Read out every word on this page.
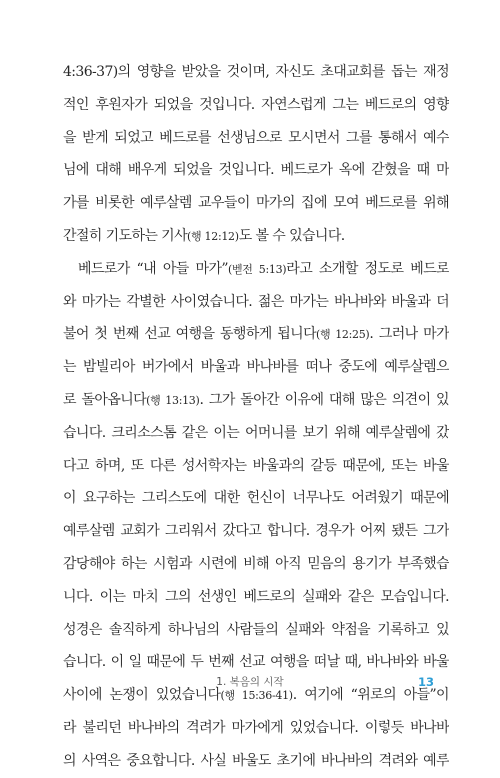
4:36-37)의 영향을 받았을 것이며, 자신도 초대교회를 돕는 재정
적인 후원자가 되었을 것입니다. 자연스럽게 그는 베드로의 영향
을 받게 되었고 베드로를 선생님으로 모시면서 그를 통해서 예수
님에 대해 배우게 되었을 것입니다. 베드로가 옥에 갇혔을 때 마
가를 비롯한 예루살렘 교우들이 마가의 집에 모여 베드로를 위해
간절히 기도하는 기사(행 12:12)도 볼 수 있습니다.
베드로가 “내 아들 마가”(벧전 5:13)라고 소개할 정도로 베드로
와 마가는 각별한 사이였습니다. 젊은 마가는 바나바와 바울과 더
불어 첫 번째 선교 여행을 동행하게 됩니다(행 12:25). 그러나 마가
는 밤빌리아 버가에서 바울과 바나바를 떠나 중도에 예루살렘으
로 돌아옵니다(행 13:13). 그가 돌아간 이유에 대해 많은 의견이 있
습니다. 크리소스톰 같은 이는 어머니를 보기 위해 예루살렘에 갔
다고 하며, 또 다른 성서학자는 바울과의 갈등 때문에, 또는 바울
이 요구하는 그리스도에 대한 헌신이 너무나도 어려웠기 때문에
예루살렘 교회가 그리워서 갔다고 합니다. 경우가 어찌 됐든 그가
감당해야 하는 시험과 시련에 비해 아직 믿음의 용기가 부족했습
니다. 이는 마치 그의 선생인 베드로의 실패와 같은 모습입니다.
성경은 솔직하게 하나님의 사람들의 실패와 약점을 기록하고 있
습니다. 이 일 때문에 두 번째 선교 여행을 떠날 때, 바나바와 바울
사이에 논쟁이 있었습니다(행 15:36-41). 여기에 “위로의 아들”이
라 불리던 바나바의 격려가 마가에게 있었습니다. 이렇듯 바나바
의 사역은 중요합니다. 사실 바울도 초기에 바나바의 격려와 예루
1. 복음의 시작	13
